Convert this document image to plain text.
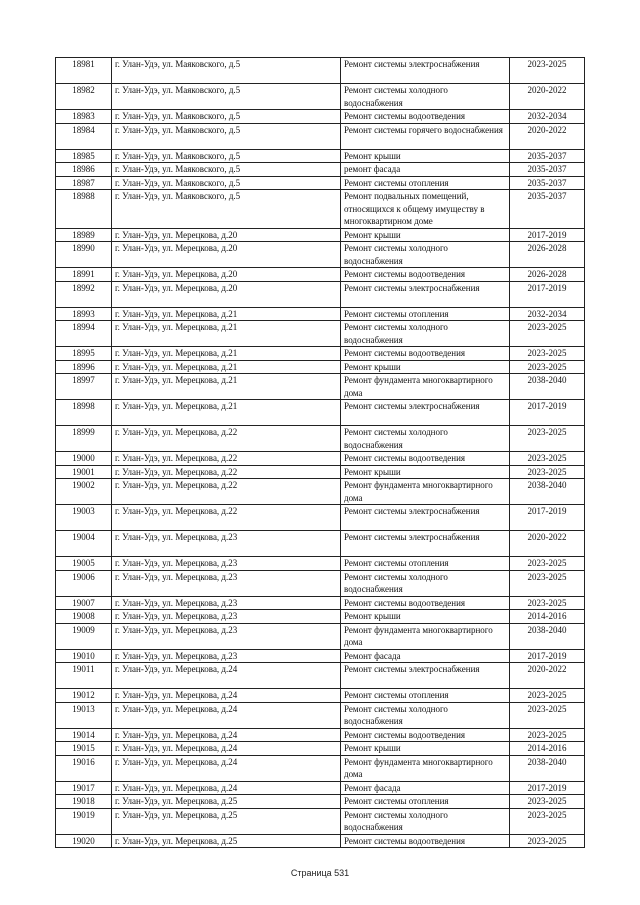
18981	г. Улан-Удэ, ул. Маяковского, д.5	Ремонт системы электроснабжения	2023-2025
18982	г. Улан-Удэ, ул. Маяковского, д.5	Ремонт системы холодного водоснабжения	2020-2022
18983	г. Улан-Удэ, ул. Маяковского, д.5	Ремонт системы водоотведения	2032-2034
18984	г. Улан-Удэ, ул. Маяковского, д.5	Ремонт системы горячего водоснабжения	2020-2022
18985	г. Улан-Удэ, ул. Маяковского, д.5	Ремонт крыши	2035-2037
18986	г. Улан-Удэ, ул. Маяковского, д.5	ремонт фасада	2035-2037
18987	г. Улан-Удэ, ул. Маяковского, д.5	Ремонт системы отопления	2035-2037
18988	г. Улан-Удэ, ул. Маяковского, д.5	Ремонт подвальных помещений, относящихся к общему имуществу в многоквартирном доме	2035-2037
18989	г. Улан-Удэ, ул. Мерецкова, д.20	Ремонт крыши	2017-2019
18990	г. Улан-Удэ, ул. Мерецкова, д.20	Ремонт системы холодного водоснабжения	2026-2028
18991	г. Улан-Удэ, ул. Мерецкова, д.20	Ремонт системы водоотведения	2026-2028
18992	г. Улан-Удэ, ул. Мерецкова, д.20	Ремонт системы электроснабжения	2017-2019
18993	г. Улан-Удэ, ул. Мерецкова, д.21	Ремонт системы отопления	2032-2034
18994	г. Улан-Удэ, ул. Мерецкова, д.21	Ремонт системы холодного водоснабжения	2023-2025
18995	г. Улан-Удэ, ул. Мерецкова, д.21	Ремонт системы водоотведения	2023-2025
18996	г. Улан-Удэ, ул. Мерецкова, д.21	Ремонт крыши	2023-2025
18997	г. Улан-Удэ, ул. Мерецкова, д.21	Ремонт фундамента многоквартирного дома	2038-2040
18998	г. Улан-Удэ, ул. Мерецкова, д.21	Ремонт системы электроснабжения	2017-2019
18999	г. Улан-Удэ, ул. Мерецкова, д.22	Ремонт системы холодного водоснабжения	2023-2025
19000	г. Улан-Удэ, ул. Мерецкова, д.22	Ремонт системы водоотведения	2023-2025
19001	г. Улан-Удэ, ул. Мерецкова, д.22	Ремонт крыши	2023-2025
19002	г. Улан-Удэ, ул. Мерецкова, д.22	Ремонт фундамента многоквартирного дома	2038-2040
19003	г. Улан-Удэ, ул. Мерецкова, д.22	Ремонт системы электроснабжения	2017-2019
19004	г. Улан-Удэ, ул. Мерецкова, д.23	Ремонт системы электроснабжения	2020-2022
19005	г. Улан-Удэ, ул. Мерецкова, д.23	Ремонт системы отопления	2023-2025
19006	г. Улан-Удэ, ул. Мерецкова, д.23	Ремонт системы холодного водоснабжения	2023-2025
19007	г. Улан-Удэ, ул. Мерецкова, д.23	Ремонт системы водоотведения	2023-2025
19008	г. Улан-Удэ, ул. Мерецкова, д.23	Ремонт крыши	2014-2016
19009	г. Улан-Удэ, ул. Мерецкова, д.23	Ремонт фундамента многоквартирного дома	2038-2040
19010	г. Улан-Удэ, ул. Мерецкова, д.23	Ремонт фасада	2017-2019
19011	г. Улан-Удэ, ул. Мерецкова, д.24	Ремонт системы электроснабжения	2020-2022
19012	г. Улан-Удэ, ул. Мерецкова, д.24	Ремонт системы отопления	2023-2025
19013	г. Улан-Удэ, ул. Мерецкова, д.24	Ремонт системы холодного водоснабжения	2023-2025
19014	г. Улан-Удэ, ул. Мерецкова, д.24	Ремонт системы водоотведения	2023-2025
19015	г. Улан-Удэ, ул. Мерецкова, д.24	Ремонт крыши	2014-2016
19016	г. Улан-Удэ, ул. Мерецкова, д.24	Ремонт фундамента многоквартирного дома	2038-2040
19017	г. Улан-Удэ, ул. Мерецкова, д.24	Ремонт фасада	2017-2019
19018	г. Улан-Удэ, ул. Мерецкова, д.25	Ремонт системы отопления	2023-2025
19019	г. Улан-Удэ, ул. Мерецкова, д.25	Ремонт системы холодного водоснабжения	2023-2025
19020	г. Улан-Удэ, ул. Мерецкова, д.25	Ремонт системы водоотведения	2023-2025
Страница 531
